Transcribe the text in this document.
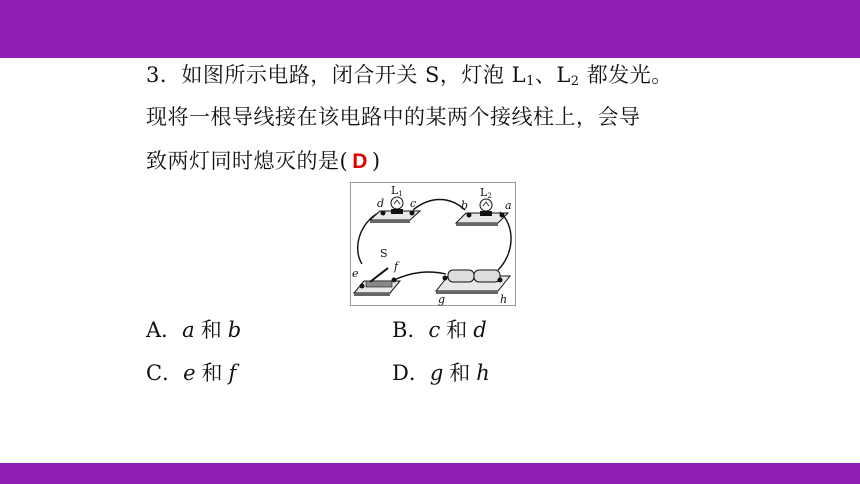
3．如图所示电路，闭合开关 S，灯泡 $L_1$、$L_2$ 都发光。
现将一根导线接在该电路中的某两个接线柱上，会导
致两灯同时熄灭的是( D )
L1	L2
S
d c	b	a
e
f
g	h
A．a 和 b	B．c 和 d
C．e 和 f	D．g 和 h
